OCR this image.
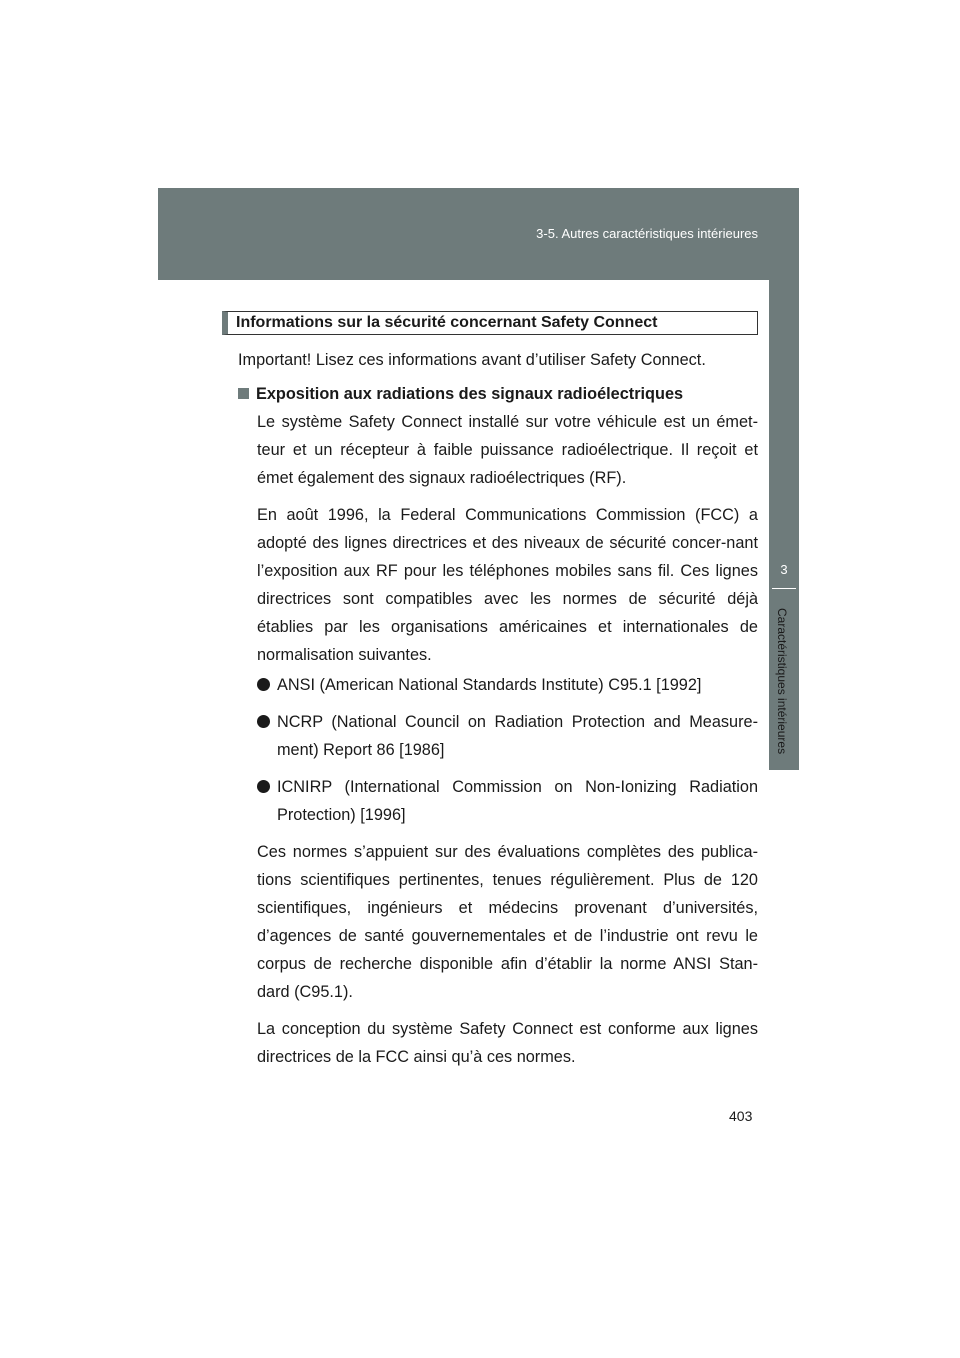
3-5. Autres caractéristiques intérieures
3
Caractéristiques intérieures
Informations sur la sécurité concernant Safety Connect
Important! Lisez ces informations avant d’utiliser Safety Connect.
Exposition aux radiations des signaux radioélectriques
Le système Safety Connect installé sur votre véhicule est un émet-teur et un récepteur à faible puissance radioélectrique. Il reçoit et émet également des signaux radioélectriques (RF).
En août 1996, la Federal Communications Commission (FCC) a adopté des lignes directrices et des niveaux de sécurité concer-nant l’exposition aux RF pour les téléphones mobiles sans fil. Ces lignes directrices sont compatibles avec les normes de sécurité déjà établies par les organisations américaines et internationales de normalisation suivantes.
ANSI (American National Standards Institute) C95.1 [1992]
NCRP (National Council on Radiation Protection and Measure-ment) Report 86 [1986]
ICNIRP (International Commission on Non-Ionizing Radiation Protection) [1996]
Ces normes s’appuient sur des évaluations complètes des publica-tions scientifiques pertinentes, tenues régulièrement. Plus de 120 scientifiques, ingénieurs et médecins provenant d’universités, d’agences de santé gouvernementales et de l’industrie ont revu le corpus de recherche disponible afin d’établir la norme ANSI Stan-dard (C95.1).
La conception du système Safety Connect est conforme aux lignes directrices de la FCC ainsi qu’à ces normes.
403
